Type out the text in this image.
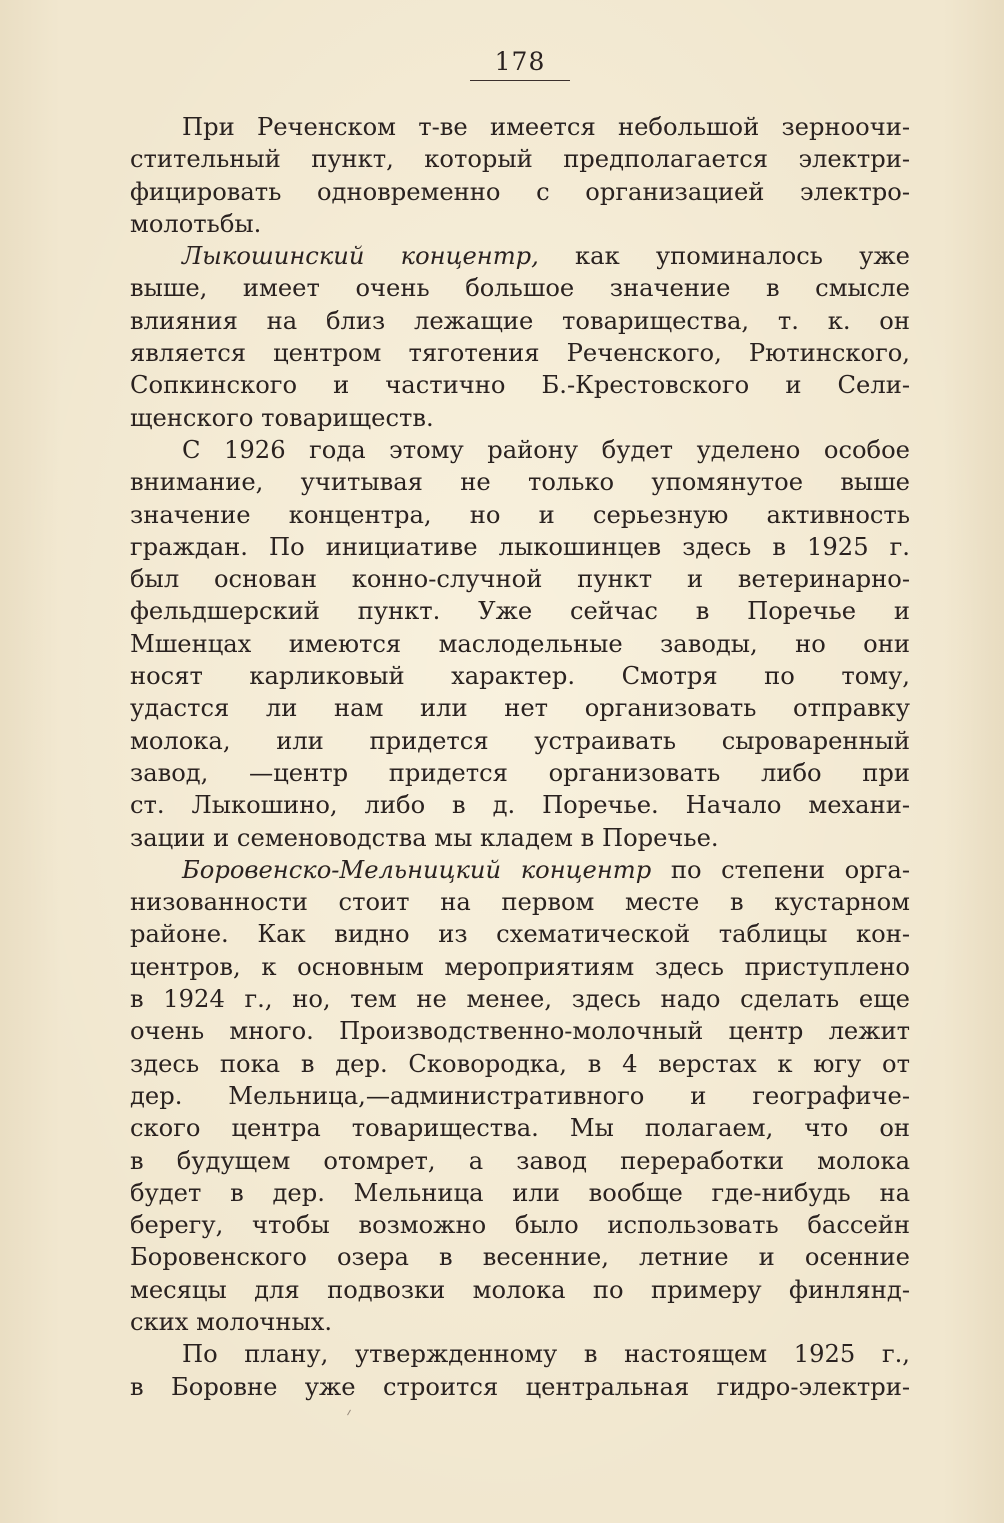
178
При Реченском т-ве имеется небольшой зерноочи-
стительный пункт, который предполагается электри-
фицировать одновременно с организацией электро-
молотьбы.
Лыкошинский концентр, как упоминалось уже
выше, имеет очень большое значение в смысле
влияния на близ лежащие товарищества, т. к. он
является центром тяготения Реченского, Рютинского,
Сопкинского и частично Б.-Крестовского и Сели-
щенского товариществ.
С 1926 года этому району будет уделено особое
внимание, учитывая не только упомянутое выше
значение концентра, но и серьезную активность
граждан. По инициативе лыкошинцев здесь в 1925 г.
был основан конно-случной пункт и ветеринарно-
фельдшерский пункт. Уже сейчас в Поречье и
Мшенцах имеются маслодельные заводы, но они
носят карликовый характер. Смотря по тому,
удастся ли нам или нет организовать отправку
молока, или придется устраивать сыроваренный
завод, —центр придется организовать либо при
ст. Лыкошино, либо в д. Поречье. Начало механи-
зации и семеноводства мы кладем в Поречье.
Боровенско-Мельницкий концентр по степени орга-
низованности стоит на первом месте в кустарном
районе. Как видно из схематической таблицы кон-
центров, к основным мероприятиям здесь приступлено
в 1924 г., но, тем не менее, здесь надо сделать еще
очень много. Производственно-молочный центр лежит
здесь пока в дер. Сковородка, в 4 верстах к югу от
дер. Мельница,—административного и географиче-
ского центра товарищества. Мы полагаем, что он
в будущем отомрет, а завод переработки молока
будет в дер. Мельница или вообще где-нибудь на
берегу, чтобы возможно было использовать бассейн
Боровенского озера в весенние, летние и осенние
месяцы для подвозки молока по примеру финлянд-
ских молочных.
По плану, утвержденному в настоящем 1925 г.,
в Боровне уже строится центральная гидро-электри-
